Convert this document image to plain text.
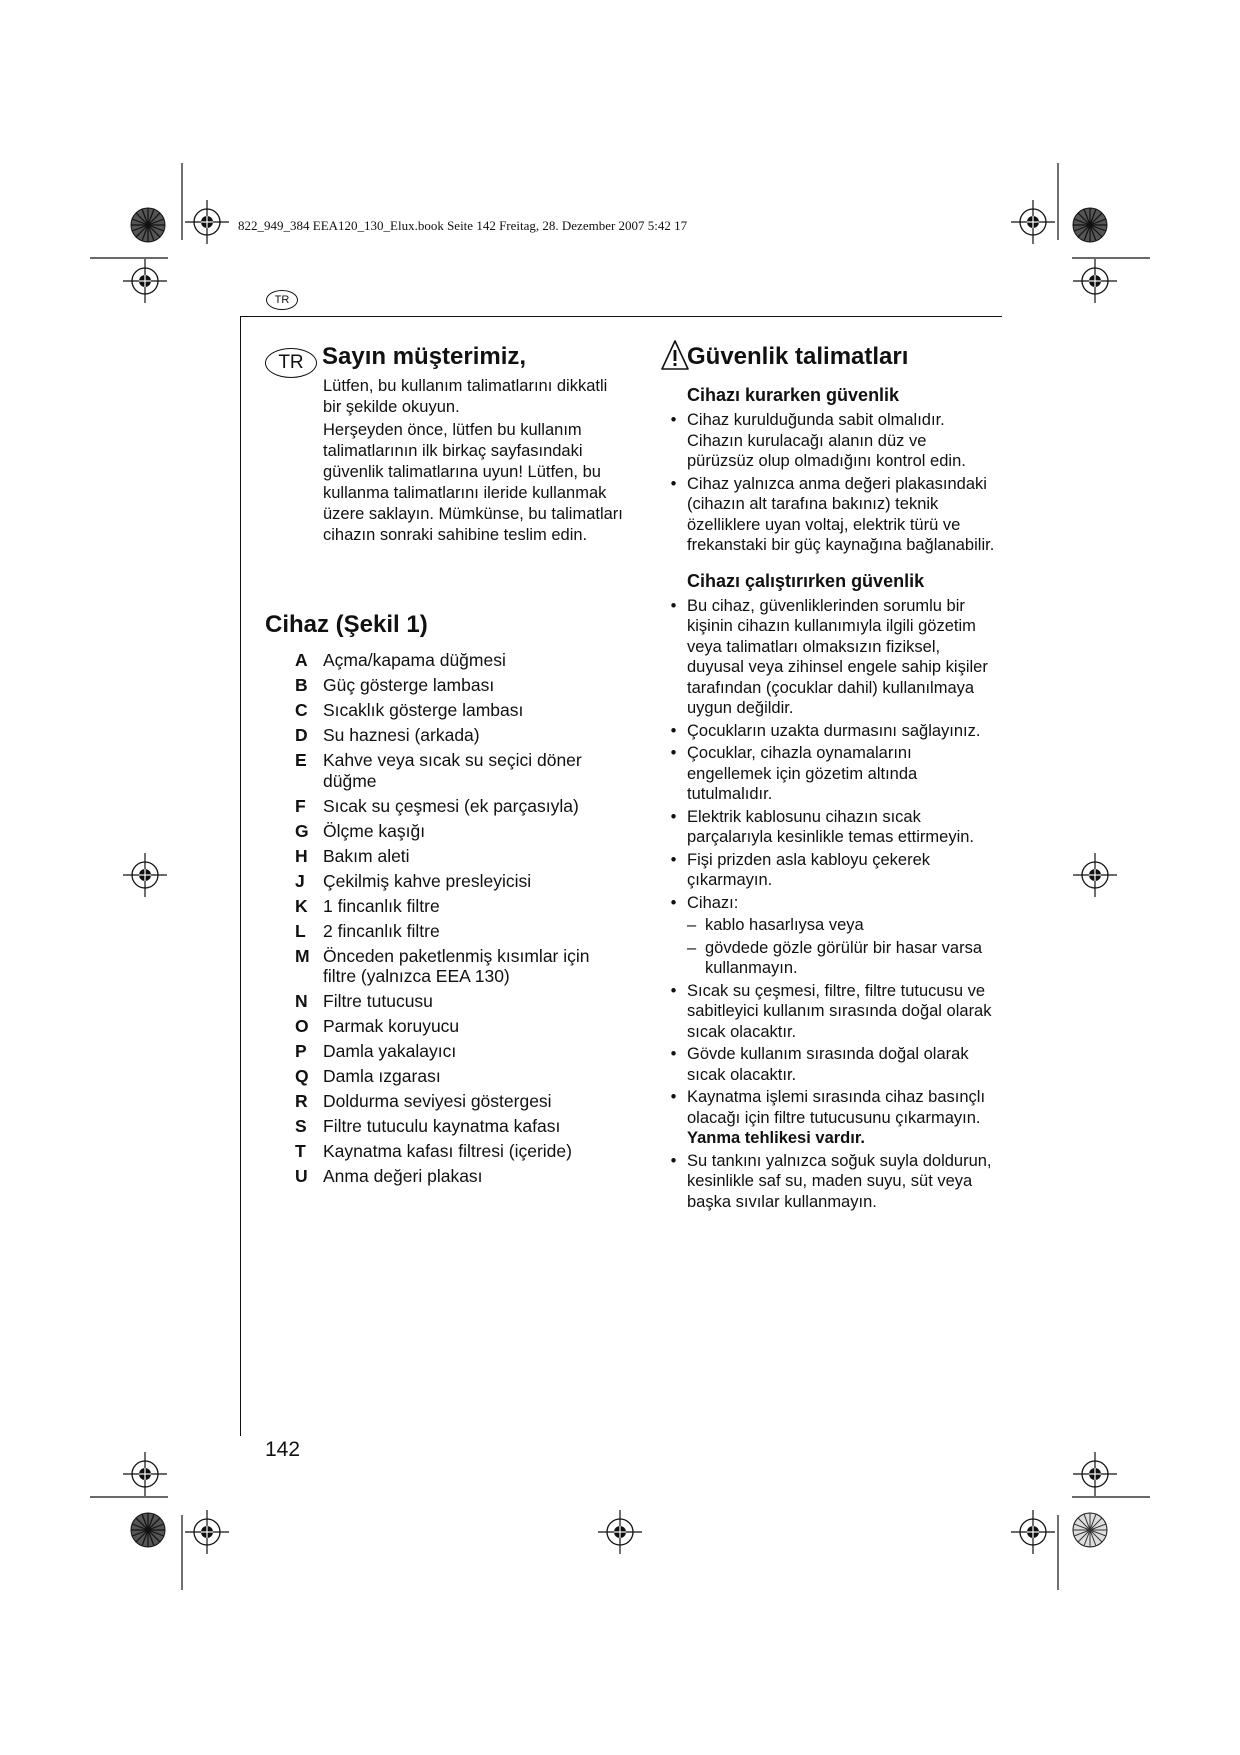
822_949_384 EEA120_130_Elux.book Seite 142 Freitag, 28. Dezember 2007 5:42 17
TR
TR Sayın müşterimiz,

Lütfen, bu kullanım talimatlarını dikkatli bir şekilde okuyun.

Herşeyden önce, lütfen bu kullanım talimatlarının ilk birkaç sayfasındaki güvenlik talimatlarına uyun! Lütfen, bu kullanma talimatlarını ileride kullanmak üzere saklayın. Mümkünse, bu talimatları cihazın sonraki sahibine teslim edin.

Cihaz (Şekil 1)
A Açma/kapama düğmesi
B Güç gösterge lambası
C Sıcaklık gösterge lambası
D Su haznesi (arkada)
E Kahve veya sıcak su seçici döner düğme
F Sıcak su çeşmesi (ek parçasıyla)
G Ölçme kaşığı
H Bakım aleti
J	Çekilmiş kahve presleyicisi
K 1 fincanlık filtre
L 2 fincanlık filtre
M Önceden paketlenmiş kısımlar için filtre (yalnızca EEA 130)
N Filtre tutucusu
O Parmak koruyucu
P Damla yakalayıcı
Q Damla ızgarası
R Doldurma seviyesi göstergesi
S Filtre tutuculu kaynatma kafası
T Kaynatma kafası filtresi (içeride)
U Anma değeri plakası
Güvenlik talimatları
Cihazı kurarken güvenlik
• Cihaz kurulduğunda sabit olmalıdır. Cihazın kurulacağı alanın düz ve pürüzsüz olup olmadığını kontrol edin.
• Cihaz yalnızca anma değeri plakasındaki (cihazın alt tarafına bakınız) teknik özelliklere uyan voltaj, elektrik türü ve frekanstaki bir güç kaynağına bağlanabilir.
Cihazı çalıştırırken güvenlik
• Bu cihaz, güvenliklerinden sorumlu bir kişinin cihazın kullanımıyla ilgili gözetim veya talimatları olmaksızın fiziksel, duyusal veya zihinsel engele sahip kişiler tarafından (çocuklar dahil) kullanılmaya uygun değildir.
• Çocukların uzakta durmasını sağlayınız.
• Çocuklar, cihazla oynamalarını engellemek için gözetim altında tutulmalıdır.
• Elektrik kablosunu cihazın sıcak parçalarıyla kesinlikle temas ettirmeyin.
• Fişi prizden asla kabloyu çekerek çıkarmayın.
• Cihazı:
– kablo hasarlıysa veya
– gövdede gözle görülür bir hasar varsa kullanmayın.
• Sıcak su çeşmesi, filtre, filtre tutucusu ve sabitleyici kullanım sırasında doğal olarak sıcak olacaktır.
• Gövde kullanım sırasında doğal olarak sıcak olacaktır.
• Kaynatma işlemi sırasında cihaz basınçlı olacağı için filtre tutucusunu çıkarmayın. Yanma tehlikesi vardır.
• Su tankını yalnızca soğuk suyla doldurun, kesinlikle saf su, maden suyu, süt veya başka sıvılar kullanmayın.
142
